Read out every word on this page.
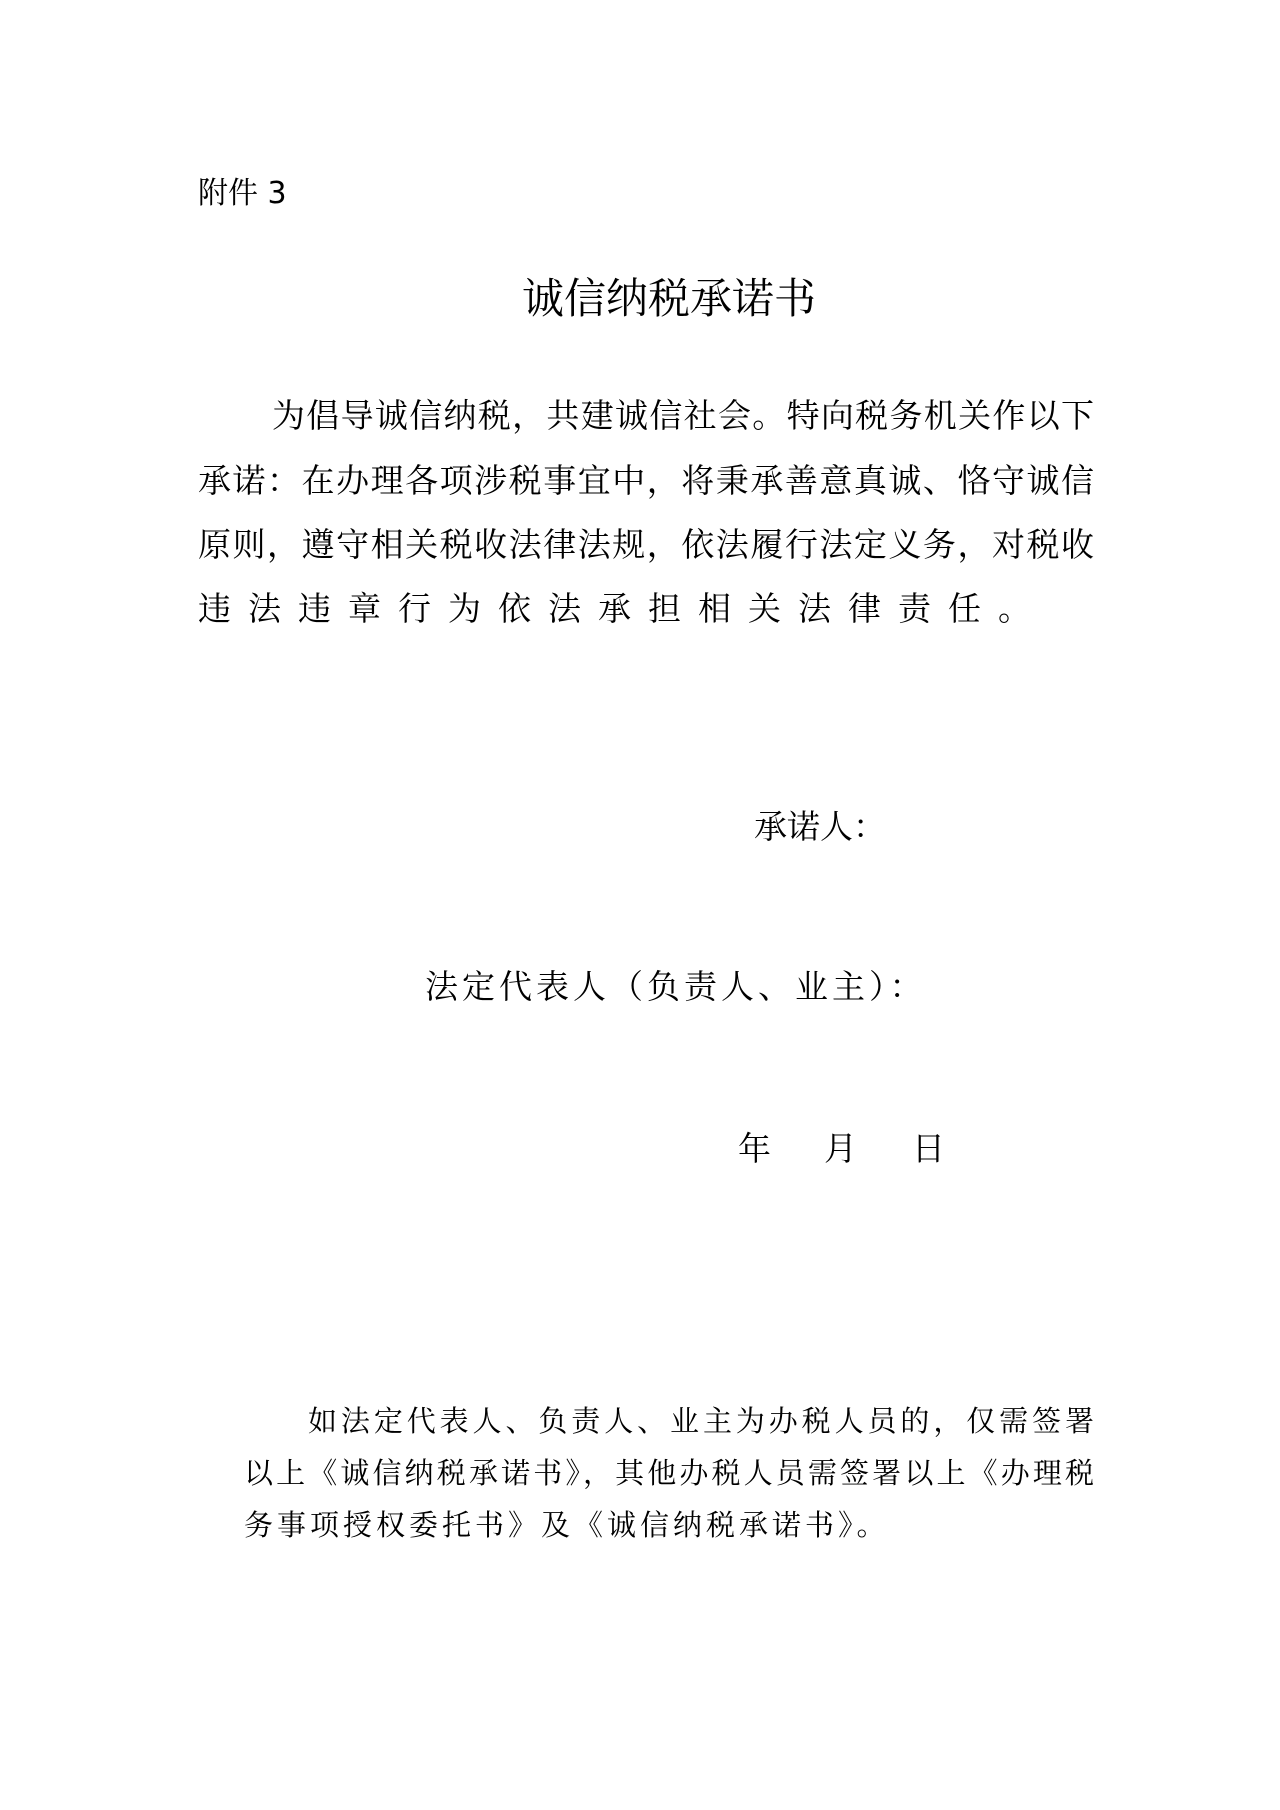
附件 3
诚信纳税承诺书
为倡导诚信纳税，共建诚信社会。特向税务机关作以下
承诺：在办理各项涉税事宜中，将秉承善意真诚、恪守诚信
原则，遵守相关税收法律法规，依法履行法定义务，对税收
违法违章行为依法承担相关法律责任。
承诺人：
法定代表人（负责人、业主）：
年 月 日
如法定代表人、负责人、业主为办税人员的，仅需签署
以上《诚信纳税承诺书》，其他办税人员需签署以上《办理税
务事项授权委托书》及《诚信纳税承诺书》。
